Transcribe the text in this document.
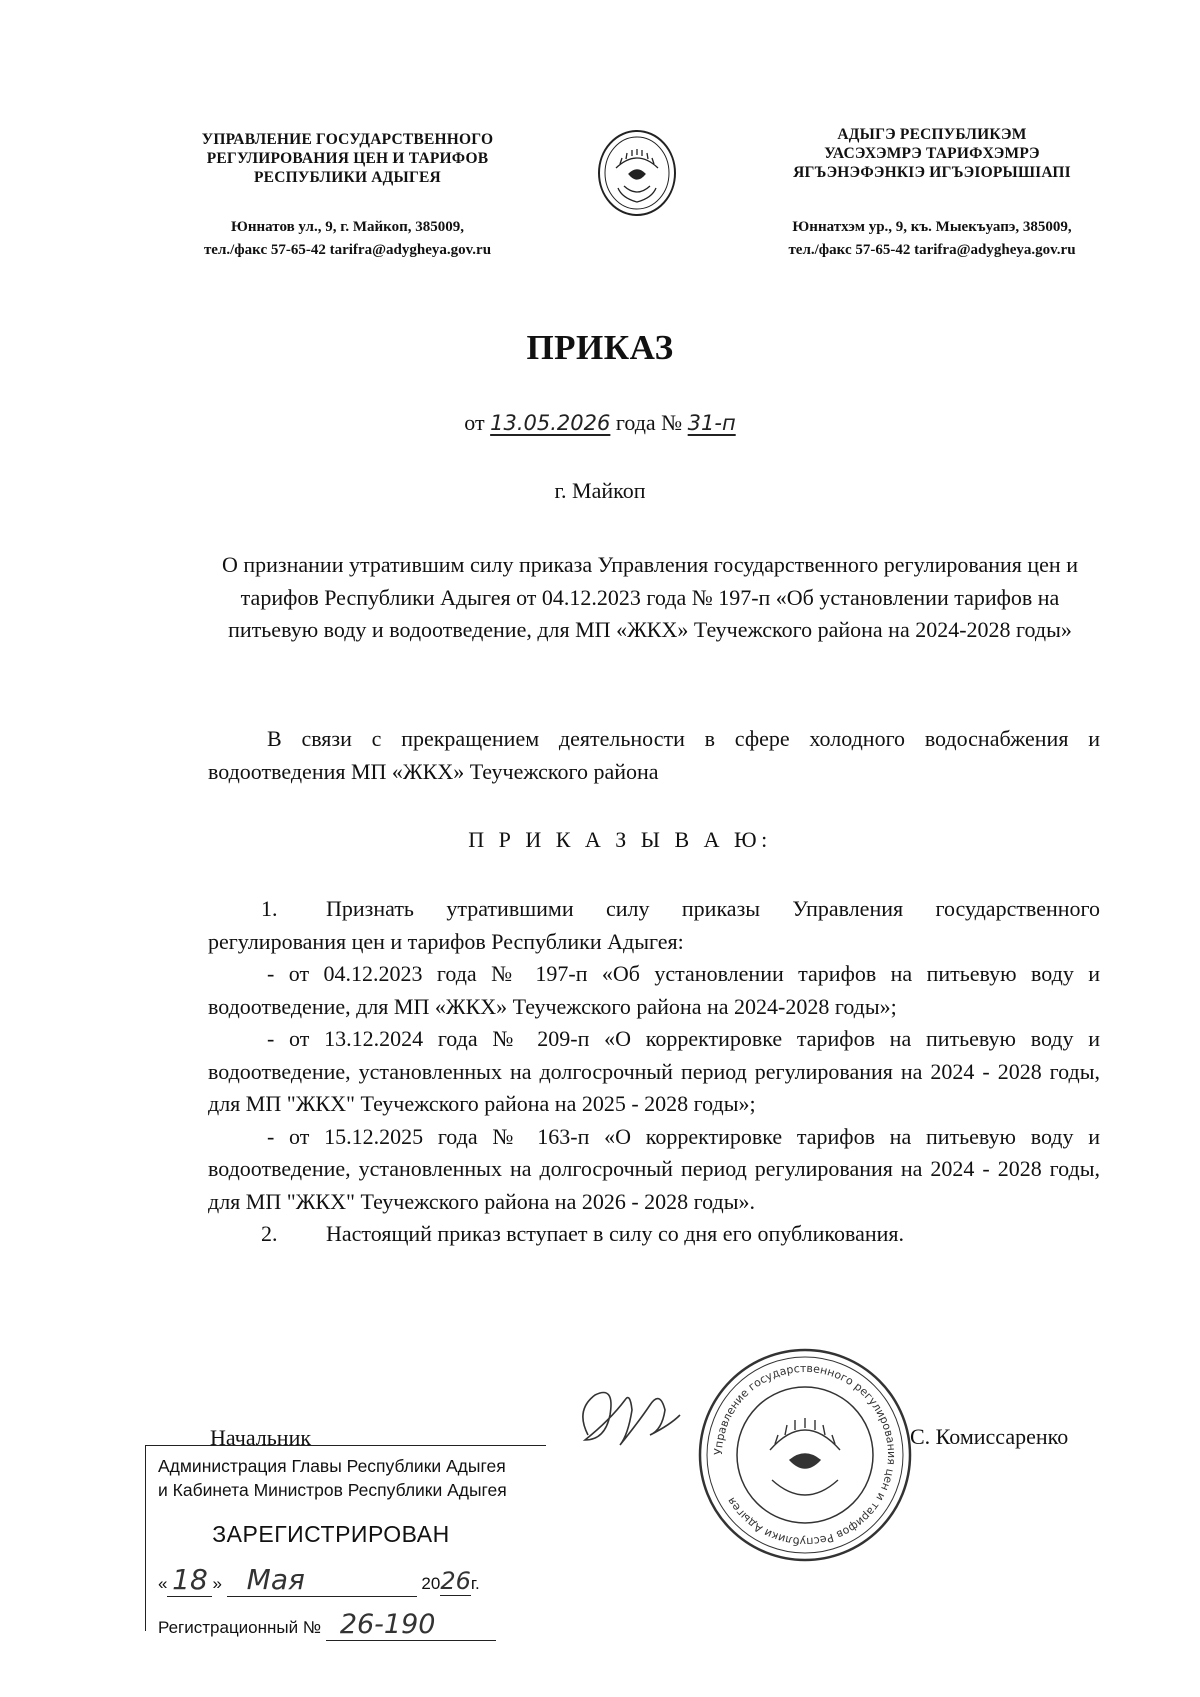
УПРАВЛЕНИЕ ГОСУДАРСТВЕННОГО
РЕГУЛИРОВАНИЯ ЦЕН И ТАРИФОВ
РЕСПУБЛИКИ АДЫГЕЯ
Юннатов ул., 9, г. Майкоп, 385009,
тел./факс 57-65-42 tarifra@adygheya.gov.ru
АДЫГЭ РЕСПУБЛИКЭМ
УАСЭХЭМРЭ ТАРИФХЭМРЭ
ЯГЪЭНЭФЭНКІЭ ИГЪЭІОРЫШІАПІ
Юннатхэм ур., 9, къ. Мыекъуапэ, 385009,
тел./факс 57-65-42 tarifra@adygheya.gov.ru
ПРИКАЗ
от 13.05.2026 года № 31-п
г. Майкоп
О признании утратившим силу приказа Управления государственного регулирования цен и тарифов Республики Адыгея от 04.12.2023 года № 197-п «Об установлении тарифов на питьевую воду и водоотведение, для МП «ЖКХ» Теучежского района на 2024-2028 годы»

В связи с прекращением деятельности в сфере холодного водоснабжения и водоотведения МП «ЖКХ» Теучежского района

П Р И К А З Ы В А Ю:
1.	Признать утратившими силу приказы Управления государственного регулирования цен и тарифов Республики Адыгея:

- от 04.12.2023 года № 197-п «Об установлении тарифов на питьевую воду и водоотведение, для МП «ЖКХ» Теучежского района на 2024-2028 годы»;

- от 13.12.2024 года № 209-п «О корректировке тарифов на питьевую воду и водоотведение, установленных на долгосрочный период регулирования на 2024 - 2028 годы, для МП "ЖКХ" Теучежского района на 2025 - 2028 годы»;

- от 15.12.2025 года № 163-п «О корректировке тарифов на питьевую воду и водоотведение, установленных на долгосрочный период регулирования на 2024 - 2028 годы, для МП "ЖКХ" Теучежского района на 2026 - 2028 годы».

2.	Настоящий приказ вступает в силу со дня его опубликования.
Начальник	С. Комиссаренко
Управление государственного регулирования цен и тарифов Республики Адыгея
Администрация Главы Республики Адыгея
и Кабинета Министров Республики Адыгея
ЗАРЕГИСТРИРОВАН
« 18 » Мая	2026г.
Регистрационный № 26-190
